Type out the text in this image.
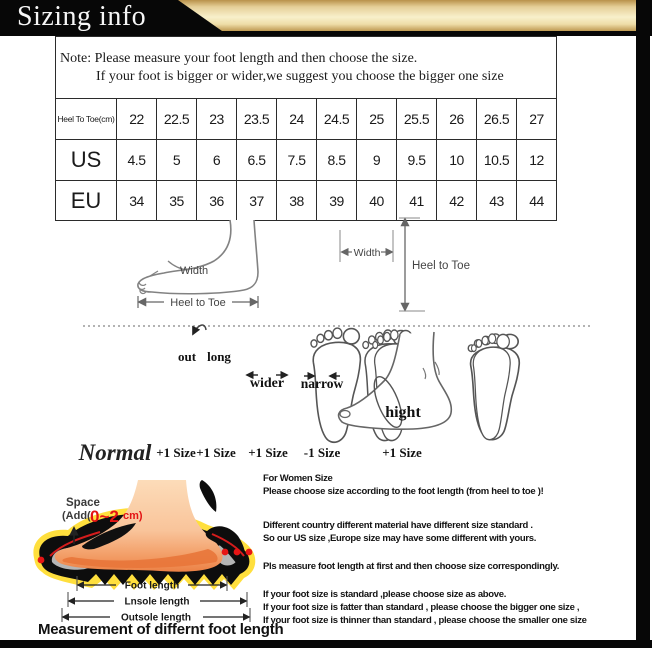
Sizing info
Note: Please measure your foot length and then choose the size.
If your foot is bigger or wider,we suggest you choose the bigger one size											

Heel To Toe(cm)	22	22.5	23	23.5	24	24.5	25	25.5	26	26.5	27
US	4.5	5	6	6.5	7.5	8.5	9	9.5	10	10.5	12
EU	34	35	36	37	38	39	40	41	42	43	44
Width
Heel to Toe
Width
Heel to Toe
out long
wider narrow
hight
Normal +1 Size +1 Size +1 Size -1 Size	+1 Size
Space
(Add( 0~2 cm)
Foot length
Lnsole length
Outsole length
Measurement of differnt foot length
For Women Size
Please choose size according to the foot length (from heel to toe )!
Different country different material have different size standard .
So our US size ,Europe size may have some different with yours.
Pls measure foot length at first and then choose size correspondingly.
If your foot size is standard ,please choose size as above.
If your foot size is fatter than standard , please choose the bigger one size ,
If your foot size is thinner than standard , please choose the smaller one size
